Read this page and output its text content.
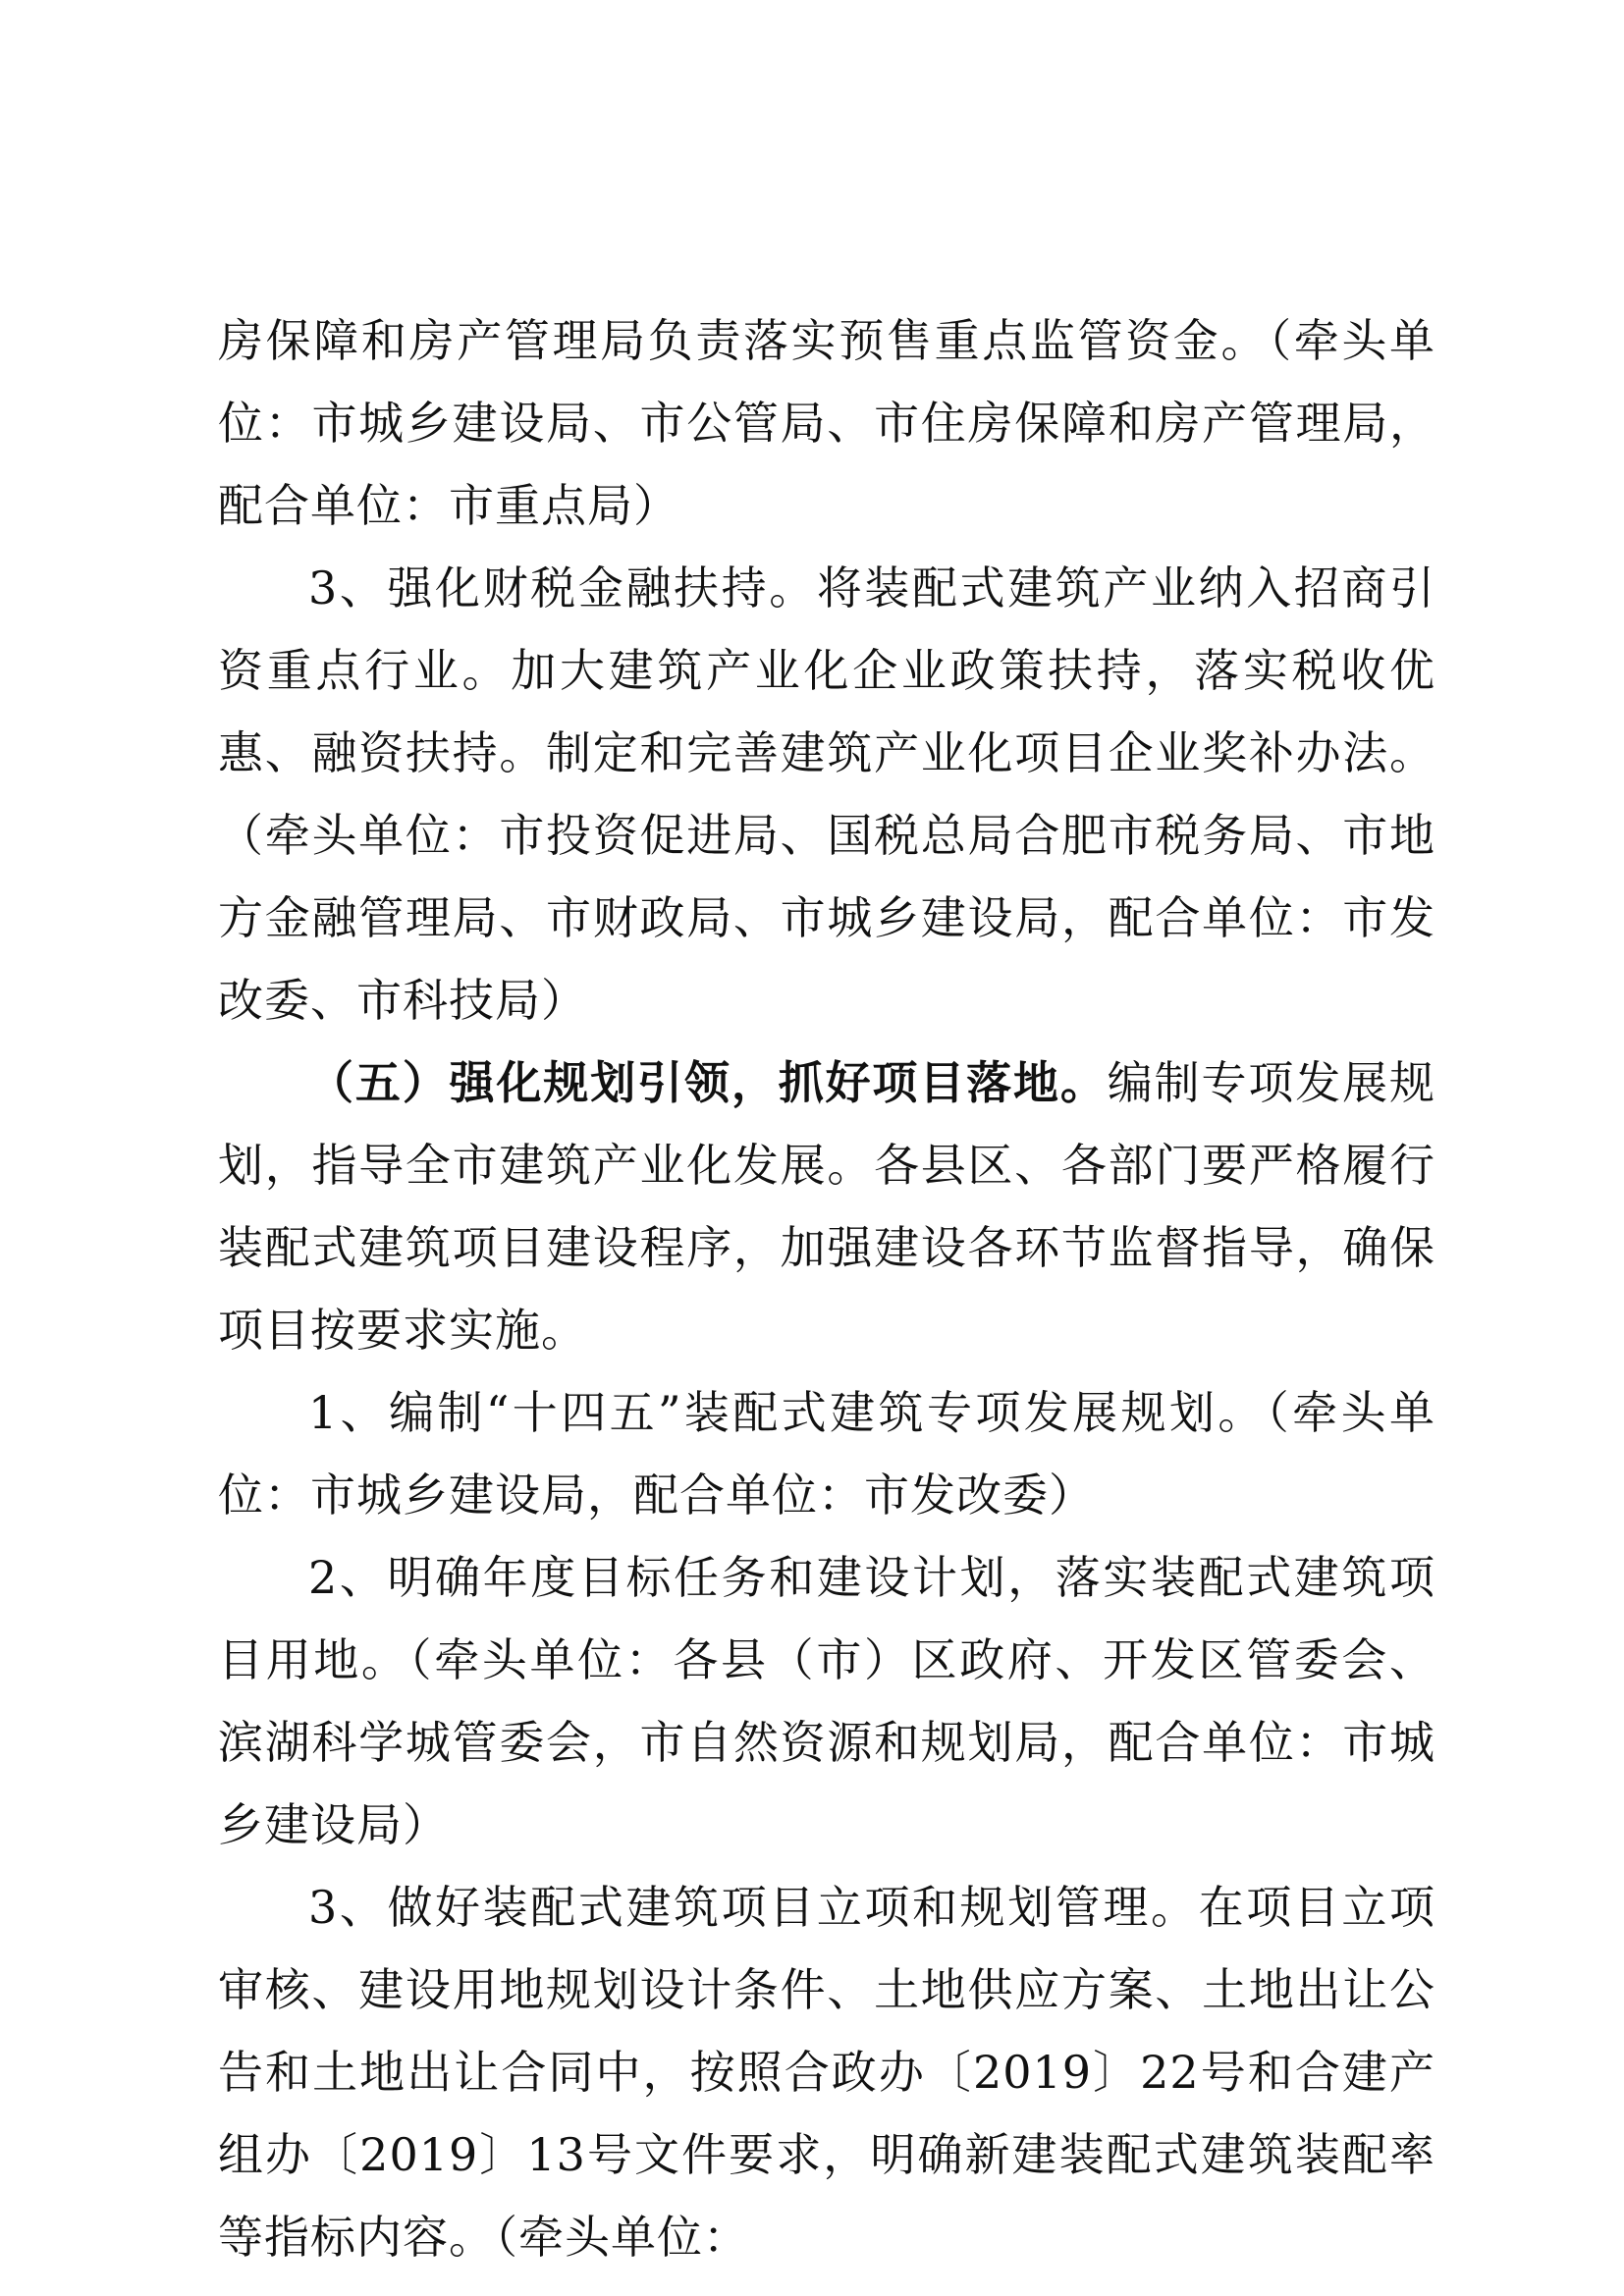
房保障和房产管理局负责落实预售重点监管资金。（牵头单位：市城乡建设局、市公管局、市住房保障和房产管理局，配合单位：市重点局）

3、强化财税金融扶持。将装配式建筑产业纳入招商引资重点行业。加大建筑产业化企业政策扶持，落实税收优惠、融资扶持。制定和完善建筑产业化项目企业奖补办法。（牵头单位：市投资促进局、国税总局合肥市税务局、市地方金融管理局、市财政局、市城乡建设局，配合单位：市发改委、市科技局）

（五）强化规划引领，抓好项目落地。编制专项发展规划，指导全市建筑产业化发展。各县区、各部门要严格履行装配式建筑项目建设程序，加强建设各环节监督指导，确保项目按要求实施。

1、编制“十四五”装配式建筑专项发展规划。（牵头单位：市城乡建设局，配合单位：市发改委）

2、明确年度目标任务和建设计划，落实装配式建筑项目用地。（牵头单位：各县（市）区政府、开发区管委会、滨湖科学城管委会，市自然资源和规划局，配合单位：市城乡建设局）

3、做好装配式建筑项目立项和规划管理。在项目立项审核、建设用地规划设计条件、土地供应方案、土地出让公告和土地出让合同中，按照合政办〔2019〕22号和合建产组办〔2019〕13号文件要求，明确新建装配式建筑装配率等指标内容。（牵头单位：
